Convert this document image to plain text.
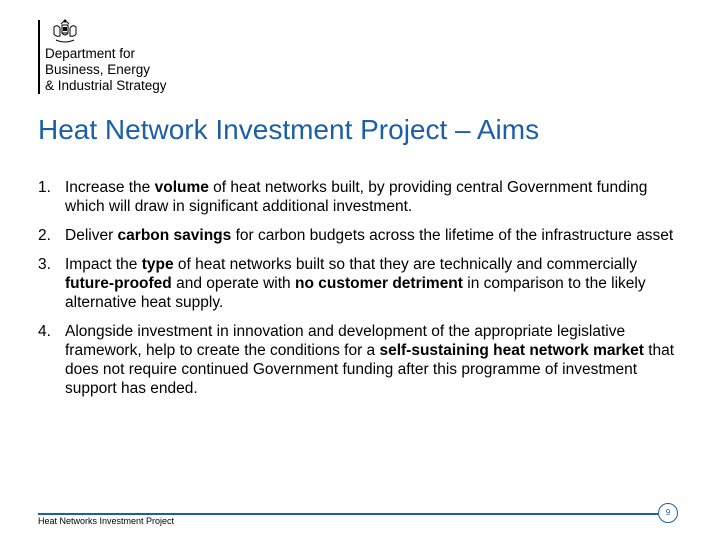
Department for
Business, Energy
& Industrial Strategy
Heat Network Investment Project – Aims
1. Increase the volume of heat networks built, by providing central Government funding which will draw in significant additional investment.
2. Deliver carbon savings for carbon budgets across the lifetime of the infrastructure asset
3. Impact the type of heat networks built so that they are technically and commercially future-proofed and operate with no customer detriment in comparison to the likely alternative heat supply.
4. Alongside investment in innovation and development of the appropriate legislative framework, help to create the conditions for a self-sustaining heat network market that does not require continued Government funding after this programme of investment support has ended.
Heat Networks Investment Project
9
